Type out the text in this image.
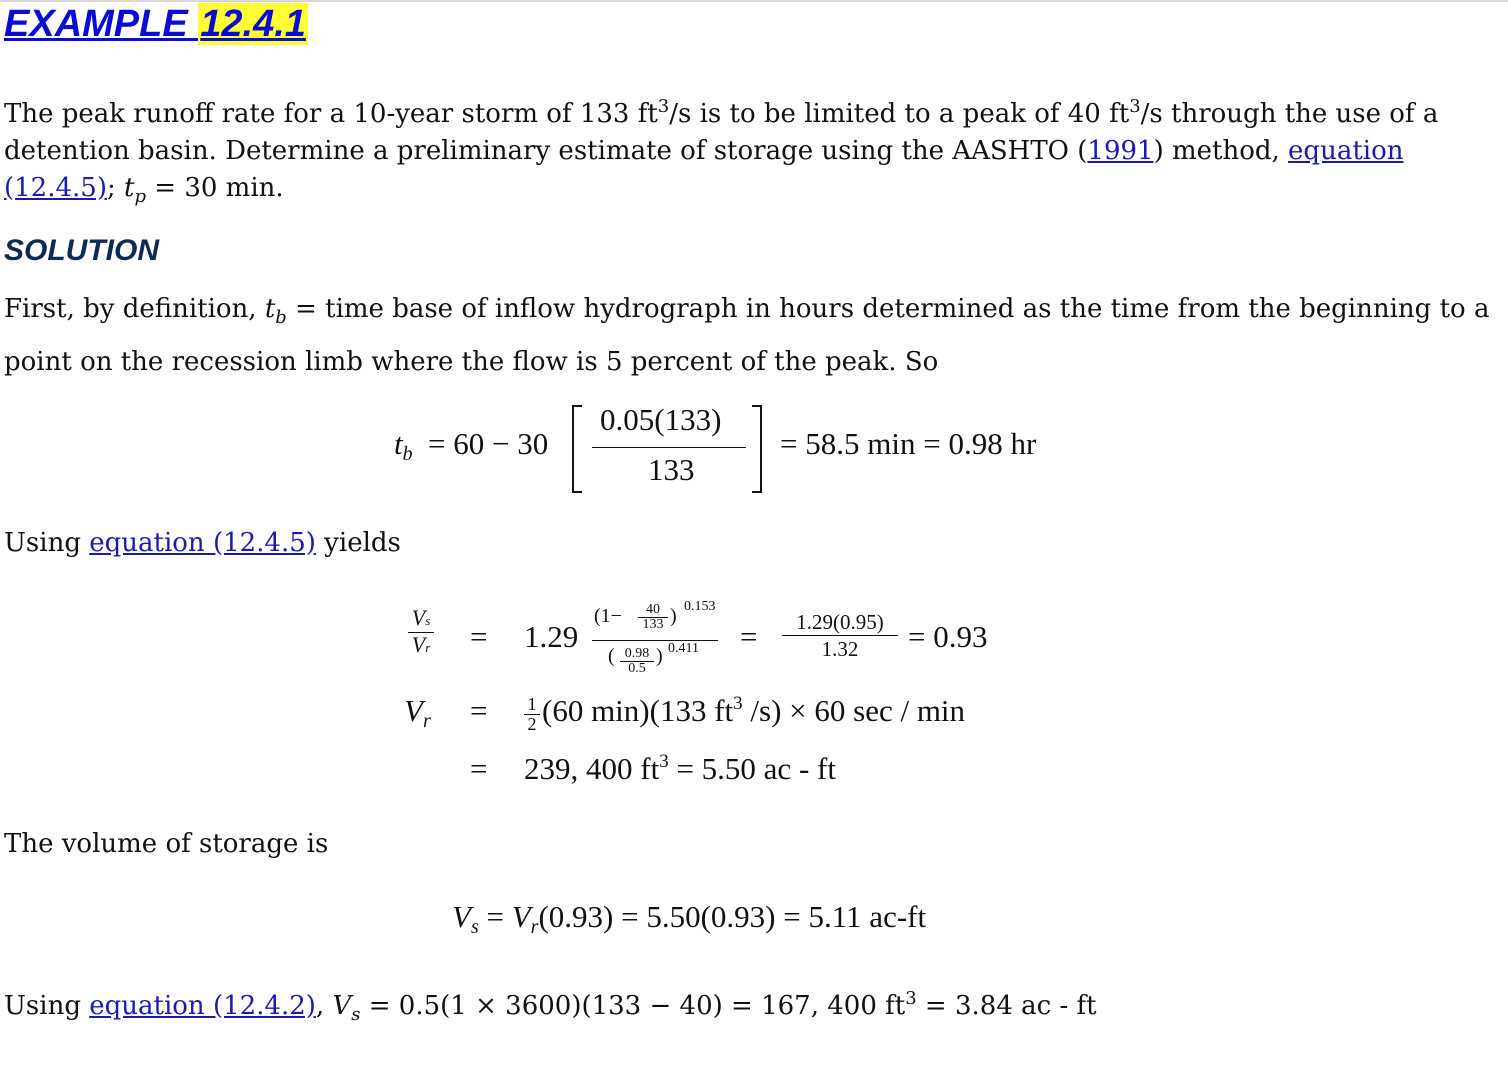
EXAMPLE 12.4.1
The peak runoff rate for a 10-year storm of 133 $ft^3/s$ is to be limited to a peak of 40 $ft^3/s$ through the use of a detention basin. Determine a preliminary estimate of storage using the AASHTO (1991) method, equation (12.4.5); $t_p = 30$ min.
SOLUTION
First, by definition, $t_b$ = time base of inflow hydrograph in hours determined as the time from the beginning to a point on the recession limb where the flow is 5 percent of the peak. So
tb = 60 − 30
0.05(133)
133
= 58.5 min = 0.98 hr
Using equation (12.4.5) yields
Vs
Vr = 1.29
(1−	40
133 ) 0.153
( 0.98
0.5
) 0.411 =	1.29(0.95)
1.32	= 0.93
Vr = 1
2 (60 min)(133 $ft^3$ /s) × 60 sec / min
= 239, 400 $ft^3 = 5.50$ ac - ft
The volume of storage is
Vs = Vr(0.93) = 5.50(0.93) = 5.11 ac-ft
Using equation (12.4.2), $V_s = 0.5(1 \times 3600)(133 - 40) = 167$, 400 $ft^3 = 3.84$ ac - ft
